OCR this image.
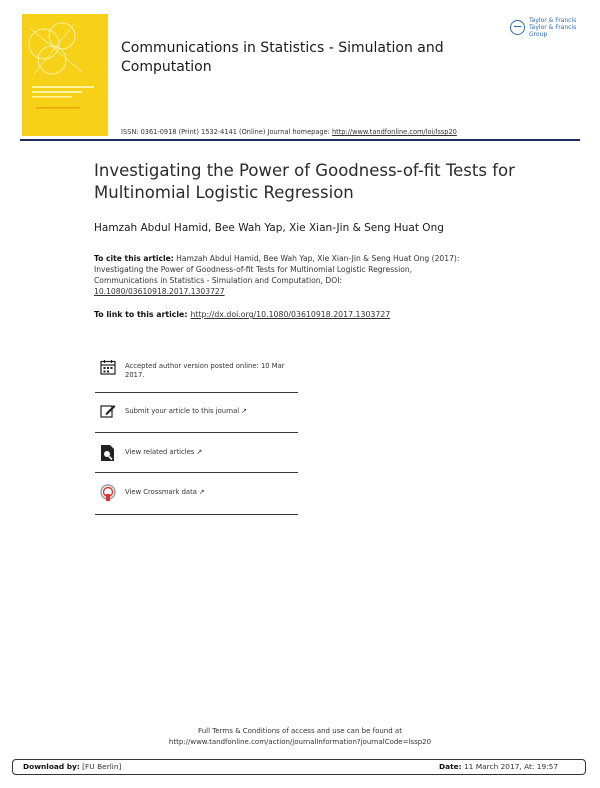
Communications in Statistics - Simulation and Computation
Taylor & Francis
Taylor & Francis Group
ISSN: 0361-0918 (Print) 1532-4141 (Online) Journal homepage: http://www.tandfonline.com/loi/lssp20
Investigating the Power of Goodness-of-fit Tests for Multinomial Logistic Regression
Hamzah Abdul Hamid, Bee Wah Yap, Xie Xian-Jin & Seng Huat Ong
To cite this article: Hamzah Abdul Hamid, Bee Wah Yap, Xie Xian-Jin & Seng Huat Ong (2017): Investigating the Power of Goodness-of-fit Tests for Multinomial Logistic Regression, Communications in Statistics - Simulation and Computation, DOI: 10.1080/03610918.2017.1303727
To link to this article: http://dx.doi.org/10.1080/03610918.2017.1303727
Accepted author version posted online: 10 Mar 2017.
Submit your article to this journal ↗
View related articles ↗
View Crossmark data ↗
Full Terms & Conditions of access and use can be found at
http://www.tandfonline.com/action/journalInformation?journalCode=lssp20
Download by: [FU Berlin]	Date: 11 March 2017, At: 19:57
